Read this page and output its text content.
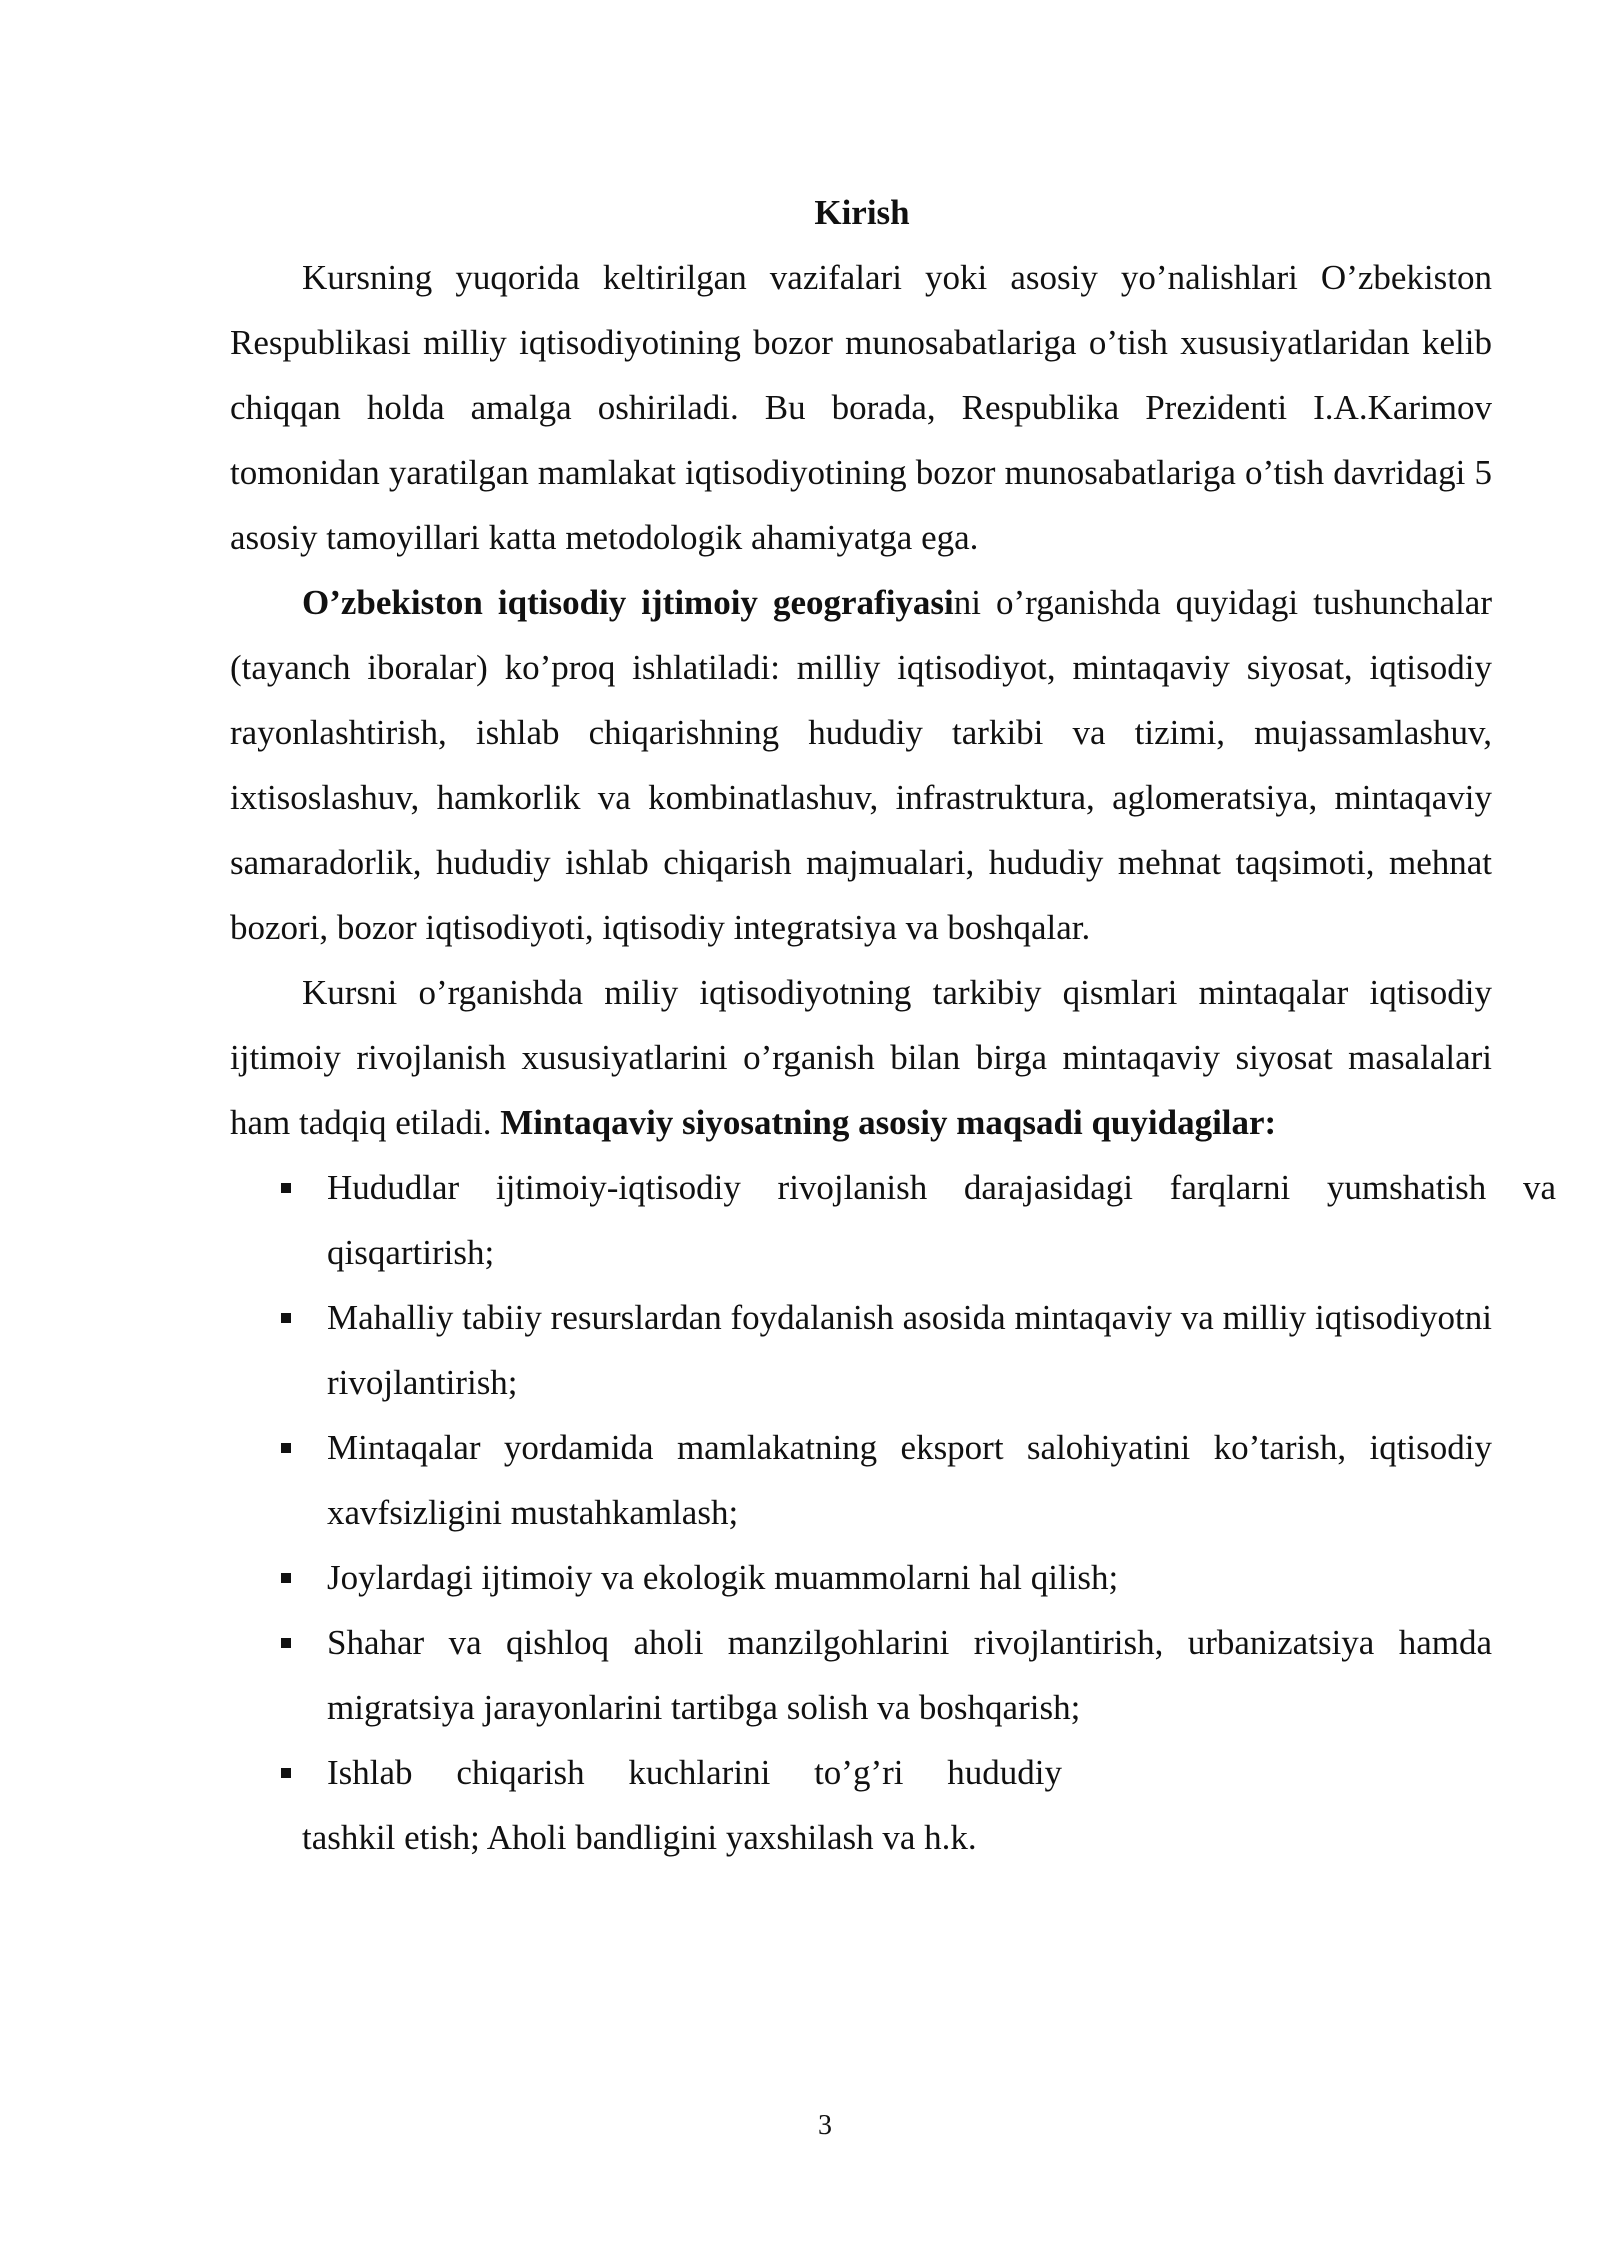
Kirish

Kursning yuqorida keltirilgan vazifalari yoki asosiy yo’nalishlari O’zbekiston Respublikasi milliy iqtisodiyotining bozor munosabatlariga o’tish xususiyatlaridan kelib chiqqan holda amalga oshiriladi. Bu borada, Respublika Prezidenti I.A.Karimov tomonidan yaratilgan mamlakat iqtisodiyotining bozor munosabatlariga o’tish davridagi 5 asosiy tamoyillari katta metodologik ahamiyatga ega.

O’zbekiston iqtisodiy ijtimoiy geografiyasini o’rganishda quyidagi tushunchalar (tayanch iboralar) ko’proq ishlatiladi: milliy iqtisodiyot, mintaqaviy siyosat, iqtisodiy rayonlashtirish, ishlab chiqarishning hududiy tarkibi va tizimi, mujassamlashuv, ixtisoslashuv, hamkorlik va kombinatlashuv, infrastruktura, aglomeratsiya, mintaqaviy samaradorlik, hududiy ishlab chiqarish majmualari, hududiy mehnat taqsimoti, mehnat bozori, bozor iqtisodiyoti, iqtisodiy integratsiya va boshqalar.

Kursni o’rganishda miliy iqtisodiyotning tarkibiy qismlari mintaqalar iqtisodiy ijtimoiy rivojlanish xususiyatlarini o’rganish bilan birga mintaqaviy siyosat masalalari ham tadqiq etiladi. Mintaqaviy siyosatning asosiy maqsadi quyidagilar:

Hududlar ijtimoiy-iqtisodiy rivojlanish darajasidagi farqlarni yumshatish va qisqartirish;
Mahalliy tabiiy resurslardan foydalanish asosida mintaqaviy va milliy iqtisodiyotni rivojlantirish;
Mintaqalar yordamida mamlakatning eksport salohiyatini ko’tarish, iqtisodiy xavfsizligini mustahkamlash;
Joylardagi ijtimoiy va ekologik muammolarni hal qilish;
Shahar va qishloq aholi manzilgohlarini rivojlantirish, urbanizatsiya hamda migratsiya jarayonlarini tartibga solish va boshqarish;
Ishlab chiqarish kuchlarini to’g’ri hududiy

tashkil etish; Aholi bandligini yaxshilash va h.k.

3
